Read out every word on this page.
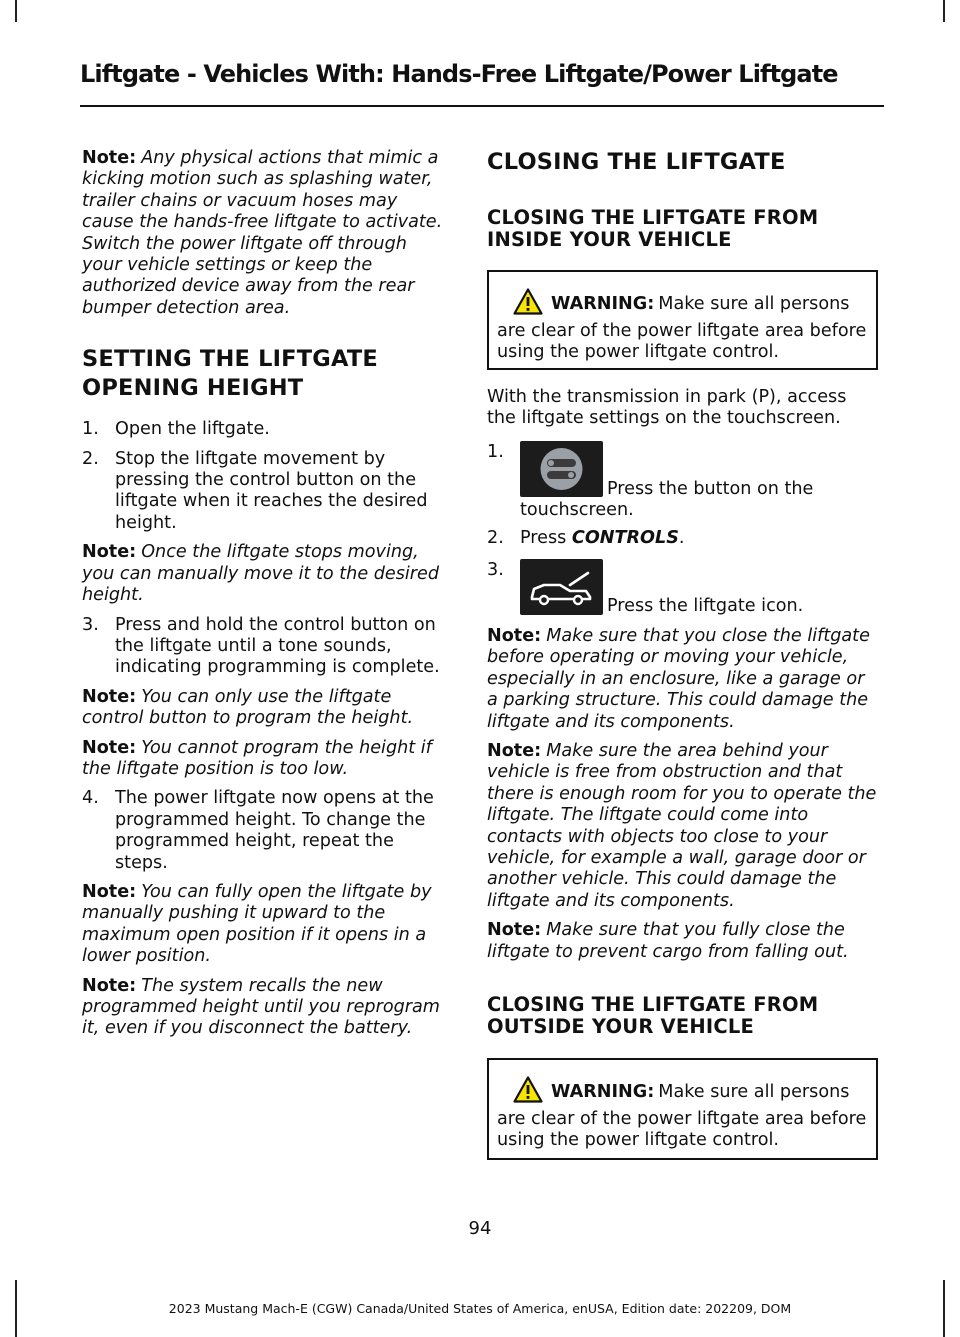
Liftgate - Vehicles With: Hands-Free Liftgate/Power Liftgate

Note: Any physical actions that mimic a kicking motion such as splashing water, trailer chains or vacuum hoses may cause the hands-free liftgate to activate. Switch the power liftgate off through your vehicle settings or keep the authorized device away from the rear bumper detection area.

SETTING THE LIFTGATE
OPENING HEIGHT
1. Open the liftgate.
2. Stop the liftgate movement by pressing the control button on the liftgate when it reaches the desired height.

Note: Once the liftgate stops moving, you can manually move it to the desired height.

3. Press and hold the control button on the liftgate until a tone sounds, indicating programming is complete.

Note: You can only use the liftgate control button to program the height.

Note: You cannot program the height if the liftgate position is too low.

4. The power liftgate now opens at the programmed height. To change the programmed height, repeat the steps.

Note: You can fully open the liftgate by manually pushing it upward to the maximum open position if it opens in a lower position.

Note: The system recalls the new programmed height until you reprogram it, even if you disconnect the battery.

CLOSING THE LIFTGATE
CLOSING THE LIFTGATE FROM
INSIDE YOUR VEHICLE
WARNING: Make sure all persons are clear of the power liftgate area before using the power liftgate control.
With the transmission in park (P), access the liftgate settings on the touchscreen.
1.
Press the button on the touchscreen.
2. Press CONTROLS.
3.
Press the liftgate icon.

Note: Make sure that you close the liftgate before operating or moving your vehicle, especially in an enclosure, like a garage or a parking structure. This could damage the liftgate and its components.

Note: Make sure the area behind your vehicle is free from obstruction and that there is enough room for you to operate the liftgate. The liftgate could come into contacts with objects too close to your vehicle, for example a wall, garage door or another vehicle. This could damage the liftgate and its components.

Note: Make sure that you fully close the liftgate to prevent cargo from falling out.

CLOSING THE LIFTGATE FROM
OUTSIDE YOUR VEHICLE
WARNING: Make sure all persons are clear of the power liftgate area before using the power liftgate control.
94
2023 Mustang Mach-E (CGW) Canada/United States of America, enUSA, Edition date: 202209, DOM
